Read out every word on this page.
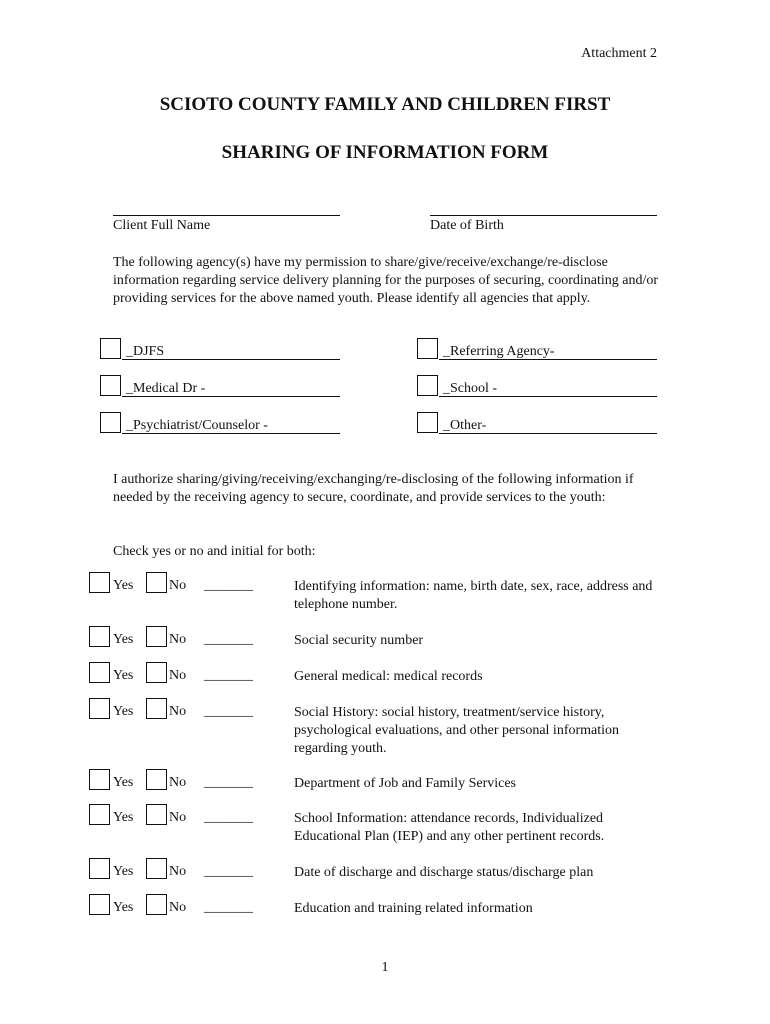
Attachment 2
SCIOTO COUNTY FAMILY AND CHILDREN FIRST
SHARING OF INFORMATION FORM
Client Full Name	Date of Birth
The following agency(s) have my permission to share/give/receive/exchange/re-disclose information regarding service delivery planning for the purposes of securing, coordinating and/or providing services for the above named youth. Please identify all agencies that apply.
_DJFS	_Referring Agency-
_Medical Dr -	_School -
_Psychiatrist/Counselor -	_Other-
I authorize sharing/giving/receiving/exchanging/re-disclosing of the following information if needed by the receiving agency to secure, coordinate, and provide services to the youth:
Check yes or no and initial for both:
Yes	No _______	Identifying information: name, birth date, sex, race, address and telephone number.
Yes	No _______	Social security number
Yes	No _______	General medical: medical records
Yes	No _______	Social History: social history, treatment/service history, psychological evaluations, and other personal information regarding youth.
Yes	No _______	Department of Job and Family Services
Yes	No _______	School Information: attendance records, Individualized Educational Plan (IEP) and any other pertinent records.
Yes	No _______	Date of discharge and discharge status/discharge plan
Yes	No _______	Education and training related information
1
